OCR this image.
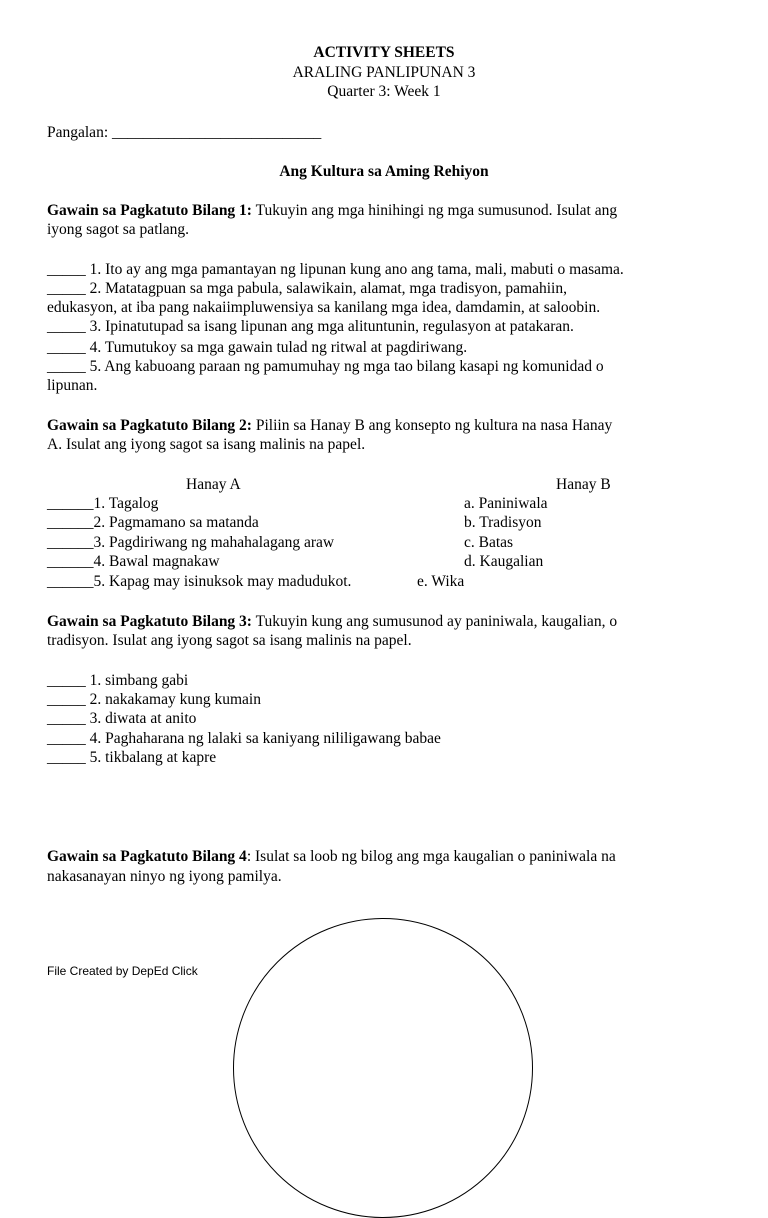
ACTIVITY SHEETS
ARALING PANLIPUNAN 3
Quarter 3: Week 1
Pangalan: ___________________________
Ang Kultura sa Aming Rehiyon
Gawain sa Pagkatuto Bilang 1: Tukuyin ang mga hinihingi ng mga sumusunod. Isulat ang
iyong sagot sa patlang.
_____ 1. Ito ay ang mga pamantayan ng lipunan kung ano ang tama, mali, mabuti o masama.
_____ 2. Matatagpuan sa mga pabula, salawikain, alamat, mga tradisyon, pamahiin,
edukasyon, at iba pang nakaiimpluwensiya sa kanilang mga idea, damdamin, at saloobin.
_____ 3. Ipinatutupad sa isang lipunan ang mga alituntunin, regulasyon at patakaran.
_____ 4. Tumutukoy sa mga gawain tulad ng ritwal at pagdiriwang.
_____ 5. Ang kabuoang paraan ng pamumuhay ng mga tao bilang kasapi ng komunidad o
lipunan.
Gawain sa Pagkatuto Bilang 2: Piliin sa Hanay B ang konsepto ng kultura na nasa Hanay
A. Isulat ang iyong sagot sa isang malinis na papel.
Hanay A	Hanay B
______1. Tagalog
______2. Pagmamano sa matanda
______3. Pagdiriwang ng mahahalagang araw
______4. Bawal magnakaw
______5. Kapag may isinuksok may madudukot.
a. Paniniwala
b. Tradisyon
c. Batas
d. Kaugalian
e. Wika
Gawain sa Pagkatuto Bilang 3: Tukuyin kung ang sumusunod ay paniniwala, kaugalian, o
tradisyon. Isulat ang iyong sagot sa isang malinis na papel.
_____ 1. simbang gabi
_____ 2. nakakamay kung kumain
_____ 3. diwata at anito
_____ 4. Paghaharana ng lalaki sa kaniyang nililigawang babae
_____ 5. tikbalang at kapre
Gawain sa Pagkatuto Bilang 4: Isulat sa loob ng bilog ang mga kaugalian o paniniwala na
nakasanayan ninyo ng iyong pamilya.
File Created by DepEd Click
